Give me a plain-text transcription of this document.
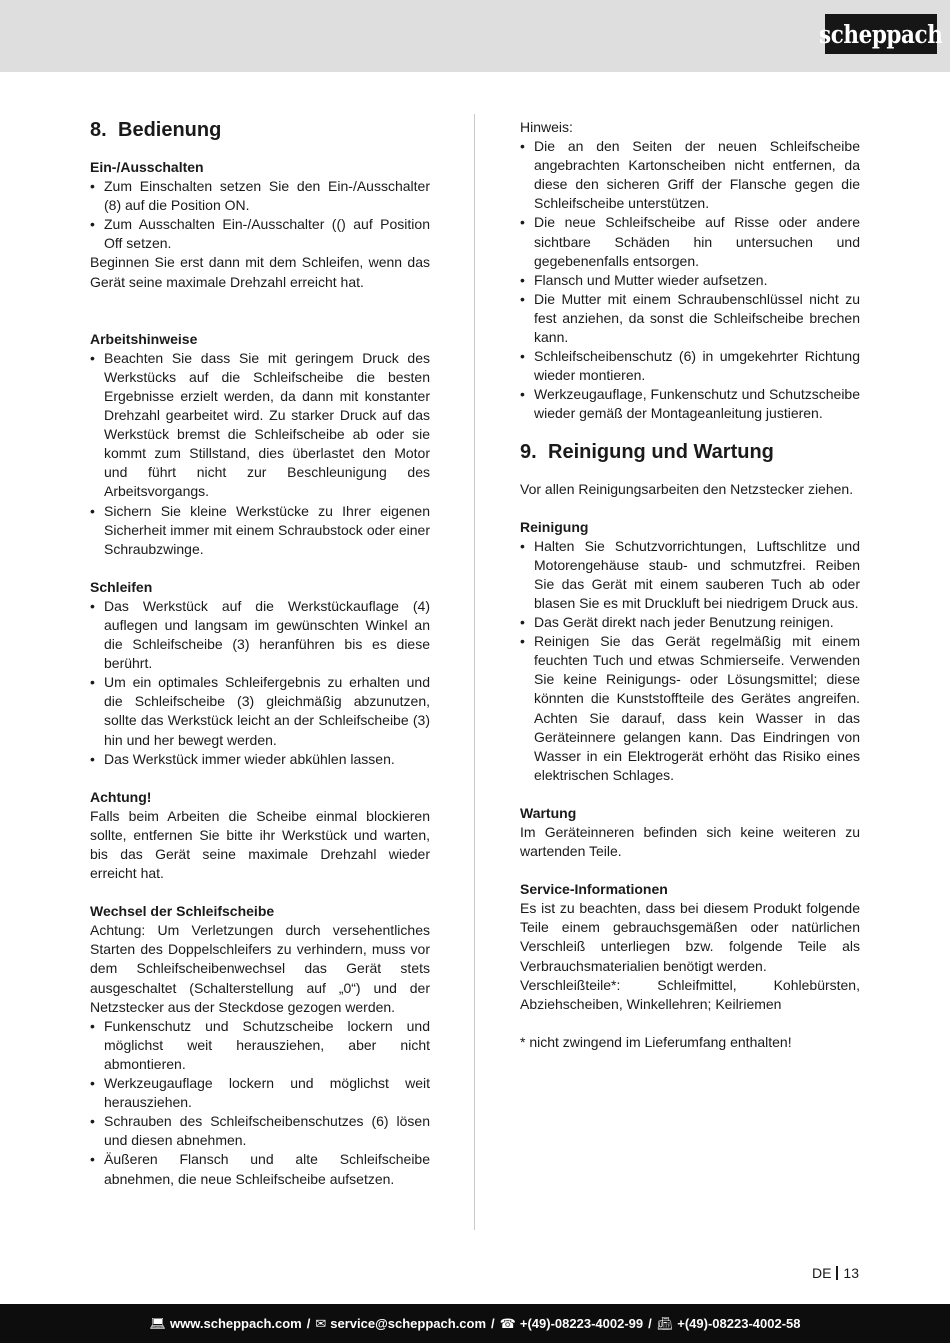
scheppach
8. Bedienung
Ein-/Ausschalten
• Zum Einschalten setzen Sie den Ein-/Ausschalter (8) auf die Position ON.
• Zum Ausschalten Ein-/Ausschalter (() auf Position Off setzen.

Beginnen Sie erst dann mit dem Schleifen, wenn das Gerät seine maximale Drehzahl erreicht hat.

Arbeitshinweise
• Beachten Sie dass Sie mit geringem Druck des Werkstücks auf die Schleifscheibe die besten Ergebnisse erzielt werden, da dann mit konstanter Drehzahl gearbeitet wird. Zu starker Druck auf das Werkstück bremst die Schleifscheibe ab oder sie kommt zum Stillstand, dies überlastet den Motor und führt nicht zur Beschleunigung des Arbeitsvorgangs.
• Sichern Sie kleine Werkstücke zu Ihrer eigenen Sicherheit immer mit einem Schraubstock oder einer Schraubzwinge.
Schleifen
• Das Werkstück auf die Werkstückauflage (4) auflegen und langsam im gewünschten Winkel an die Schleifscheibe (3) heranführen bis es diese berührt.
• Um ein optimales Schleifergebnis zu erhalten und die Schleifscheibe (3) gleichmäßig abzunutzen, sollte das Werkstück leicht an der Schleifscheibe (3) hin und her bewegt werden.
• Das Werkstück immer wieder abkühlen lassen.
Achtung!

Falls beim Arbeiten die Scheibe einmal blockieren sollte, entfernen Sie bitte ihr Werkstück und warten, bis das Gerät seine maximale Drehzahl wieder erreicht hat.

Wechsel der Schleifscheibe

Achtung: Um Verletzungen durch versehentliches Starten des Doppelschleifers zu verhindern, muss vor dem Schleifscheibenwechsel das Gerät stets ausgeschaltet (Schalterstellung auf „0“) und der Netzstecker aus der Steckdose gezogen werden.

• Funkenschutz und Schutzscheibe lockern und möglichst weit herausziehen, aber nicht abmontieren.
• Werkzeugauflage lockern und möglichst weit herausziehen.
• Schrauben des Schleifscheibenschutzes (6) lösen und diesen abnehmen.
• Äußeren Flansch und alte Schleifscheibe abnehmen, die neue Schleifscheibe aufsetzen.

Hinweis:

• Die an den Seiten der neuen Schleifscheibe angebrachten Kartonscheiben nicht entfernen, da diese den sicheren Griff der Flansche gegen die Schleifscheibe unterstützen.
• Die neue Schleifscheibe auf Risse oder andere sichtbare Schäden hin untersuchen und gegebenenfalls entsorgen.
• Flansch und Mutter wieder aufsetzen.
• Die Mutter mit einem Schraubenschlüssel nicht zu fest anziehen, da sonst die Schleifscheibe brechen kann.
• Schleifscheibenschutz (6) in umgekehrter Richtung wieder montieren.
• Werkzeugauflage, Funkenschutz und Schutzscheibe wieder gemäß der Montageanleitung justieren.
9. Reinigung und Wartung

Vor allen Reinigungsarbeiten den Netzstecker ziehen.

Reinigung
• Halten Sie Schutzvorrichtungen, Luftschlitze und Motorengehäuse staub- und schmutzfrei. Reiben Sie das Gerät mit einem sauberen Tuch ab oder blasen Sie es mit Druckluft bei niedrigem Druck aus.
• Das Gerät direkt nach jeder Benutzung reinigen.
• Reinigen Sie das Gerät regelmäßig mit einem feuchten Tuch und etwas Schmierseife. Verwenden Sie keine Reinigungs- oder Lösungsmittel; diese könnten die Kunststoffteile des Gerätes angreifen. Achten Sie darauf, dass kein Wasser in das Geräteinnere gelangen kann. Das Eindringen von Wasser in ein Elektrogerät erhöht das Risiko eines elektrischen Schlages.
Wartung

Im Geräteinneren befinden sich keine weiteren zu wartenden Teile.

Service-Informationen

Es ist zu beachten, dass bei diesem Produkt folgende Teile einem gebrauchsgemäßen oder natürlichen Verschleiß unterliegen bzw. folgende Teile als Verbrauchsmaterialien benötigt werden.

Verschleißteile*: Schleifmittel, Kohlebürsten, Abziehscheiben, Winkellehren; Keilriemen

* nicht zwingend im Lieferumfang enthalten!

DE 13
💻︎ www.scheppach.com / ✉︎ service@scheppach.com / ☎︎ +(49)-08223-4002-99 / 📠︎ +(49)-08223-4002-58
